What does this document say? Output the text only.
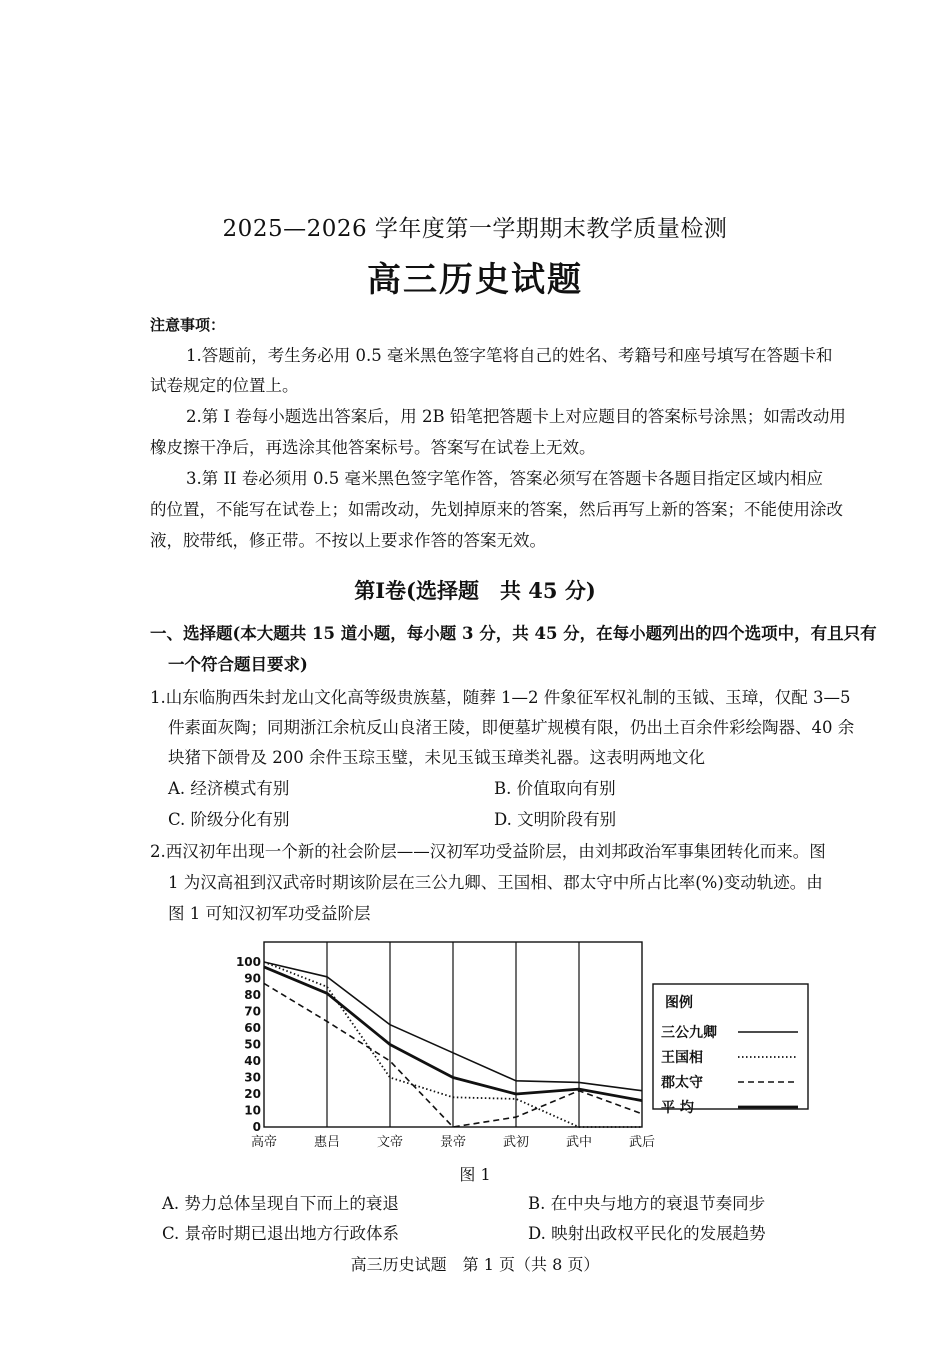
2025—2026 学年度第一学期期末教学质量检测
高三历史试题
注意事项：
1.答题前，考生务必用 0.5 毫米黑色签字笔将自己的姓名、考籍号和座号填写在答题卡和
试卷规定的位置上。
2.第 I 卷每小题选出答案后，用 2B 铅笔把答题卡上对应题目的答案标号涂黑；如需改动用
橡皮擦干净后，再选涂其他答案标号。答案写在试卷上无效。
3.第 II 卷必须用 0.5 毫米黑色签字笔作答，答案必须写在答题卡各题目指定区域内相应
的位置，不能写在试卷上；如需改动，先划掉原来的答案，然后再写上新的答案；不能使用涂改
液，胶带纸，修正带。不按以上要求作答的答案无效。
第Ⅰ卷(选择题　共 45 分)
一、选择题(本大题共 15 道小题，每小题 3 分，共 45 分，在每小题列出的四个选项中，有且只有
一个符合题目要求)
1.山东临朐西朱封龙山文化高等级贵族墓，随葬 1—2 件象征军权礼制的玉钺、玉璋，仅配 3—5
件素面灰陶；同期浙江余杭反山良渚王陵，即便墓圹规模有限，仍出土百余件彩绘陶器、40 余
块猪下颌骨及 200 余件玉琮玉璧，未见玉钺玉璋类礼器。这表明两地文化
A. 经济模式有别	B. 价值取向有别
C. 阶级分化有别	D. 文明阶段有别
2.西汉初年出现一个新的社会阶层——汉初军功受益阶层，由刘邦政治军事集团转化而来。图
1 为汉高祖到汉武帝时期该阶层在三公九卿、王国相、郡太守中所占比率(%)变动轨迹。由
图 1 可知汉初军功受益阶层
100
90
80
70
60
50
40
30
20
10
0
高帝	惠吕	文帝	景帝	武初	武中	武后
图例
三公九卿
王国相
郡太守
平 均
图 1
A. 势力总体呈现自下而上的衰退	B. 在中央与地方的衰退节奏同步
C. 景帝时期已退出地方行政体系	D. 映射出政权平民化的发展趋势
高三历史试题　第 1 页（共 8 页）
